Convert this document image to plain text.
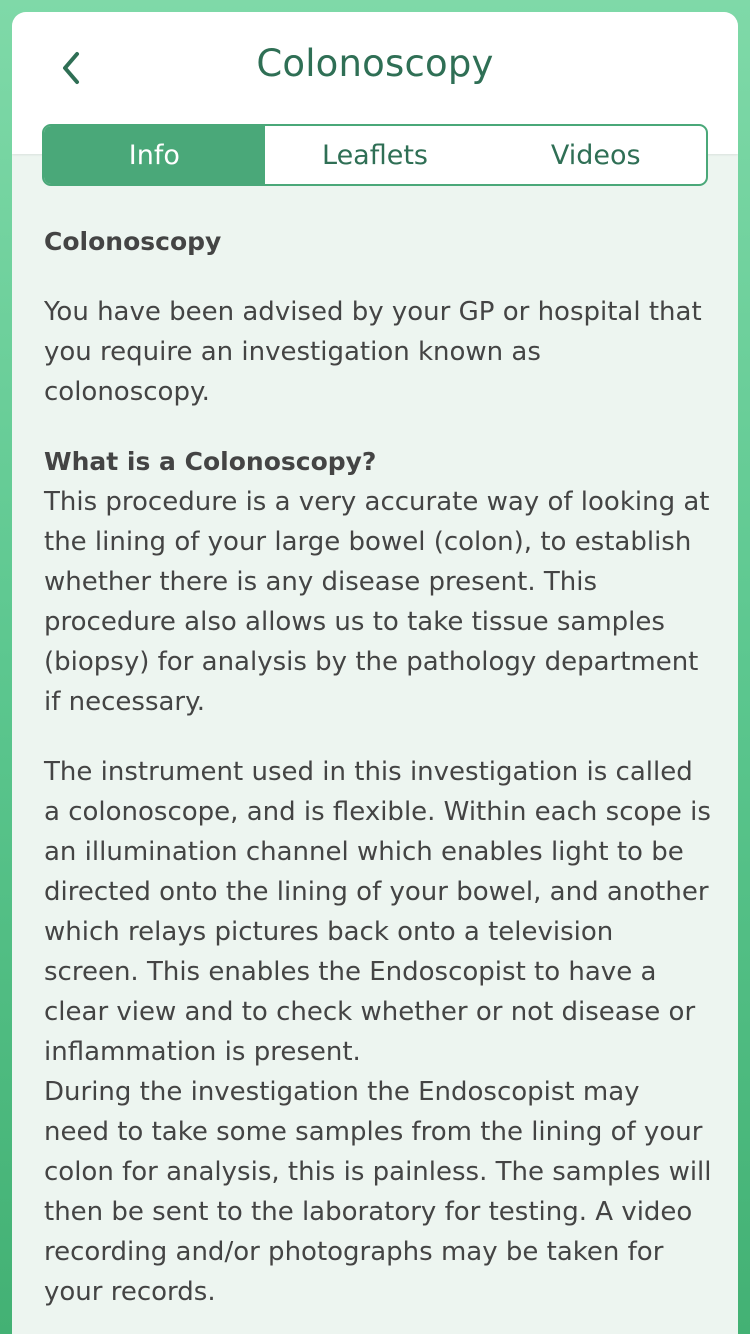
Colonoscopy
Info	Leaflets	Videos

Colonoscopy

You have been advised by your GP or hospital that you require an investigation known as colonoscopy.

What is a Colonoscopy?

This procedure is a very accurate way of looking at the lining of your large bowel (colon), to establish whether there is any disease present. This procedure also allows us to take tissue samples (biopsy) for analysis by the pathology department if necessary.

The instrument used in this investigation is called a colonoscope, and is flexible. Within each scope is an illumination channel which enables light to be directed onto the lining of your bowel, and another which relays pictures back onto a television screen. This enables the Endoscopist to have a clear view and to check whether or not disease or inflammation is present.

During the investigation the Endoscopist may need to take some samples from the lining of your colon for analysis, this is painless. The samples will then be sent to the laboratory for testing. A video recording and/or photographs may be taken for your records.
